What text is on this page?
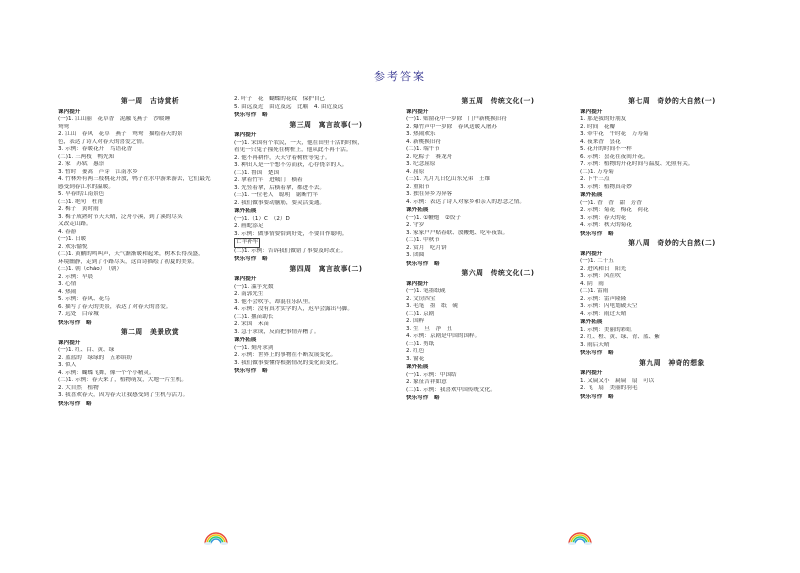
参考答案
第一周　古诗赏析
课内提升
(一)1. 江山丽　花草香　泥融飞燕子　沙暖睡
鸳鸯
2. 江山　春风　花草　燕子　鸳鸯　描绘春天的景
色，表达了诗人对春天的喜爱之情。
3. 示例：春暖花开　鸟语花香
(二)1. 三两枝　鸭先知
2. 家　苏轼　惠崇
3. 暂时　蒌蒿　芦芽　江南水乡
4. 竹林外有两三枝桃花开放，鸭子在水中游来游去，它们最先
感受到春江水的温暖。
5. 早春的江南景色
(三)1. 绝句　杜甫
2. 梅子　黄时雨
3. 梅子成熟时节天天晴，泛舟小溪，到了溪的尽头
又改走山路。
4. 春游
(一)1. 日暖
2. 欢乐愉悦
(二)1. 黄鹂的鸣叫声，天气渐渐暖和起来，树木长得茂盛，
环境幽静，走到了小路尽头，这首诗描绘了初夏的美景。
(三)1. 朝（cháo）　（朝）
2. 示例：早晨
3. 心情
4. 热闹
5. 示例：春风、花鸟
6. 描写了春天的美景，表达了对春天的喜爱。
7. 远处　白帝城
快乐写作　略
第二周　美景欣赏
课内提升
(一)1. 红、白、黄、绿
2. 蓝蓝的　绿绿的　五彩缤纷
3. 似人
4. 示例：蝴蝶飞舞，像一个个小精灵。
(二)1. 示例：春天来了，植物萌发，大地一片生机。
2. 大自然　植物
3. 我喜欢春天，因为春天让我感受到了生机与活力。
快乐写作　略
2. 叶子　花　蝴蝶的花纹　保护自己
5. 由远及近　由近及远　比喻　4. 由近及远
快乐写作　略
第三周　寓言故事(一)
课内提升
(一)1. 宋国有个农民，一天，他在田里干活的时候，
看见一只兔子撞死在树桩上，他从此不再干活。
2. 他不再耕作，天天守着树桩等兔子。
3. 种田人是一个想不劳而获，心存侥幸的人。
(二)1. 鲁国　楚国
2. 拿着竹竿　进城门　横着
3. 先竖着拿，后横着拿，都进不去。
(三)1. 一位老人　聪明　锯断竹竿
2. 我们做事要动脑筋，要灵活变通。
课外拓展
(一)1.（1）C　（2）D
2. 画蛇添足
3. 示例：做事情要恰到好处，不要自作聪明。
亡羊补牢
(二)1. 示例：告诉我们做错了事要及时改正。
快乐写作　略
第四周　寓言故事(二)
课内提升
(一)1. 滥竽充数
2. 南郭先生
3. 他不会吹竽，却混在乐队里。
4. 示例：没有真才实学的人，迟早会露出马脚。
(二)1. 揠苗助长
2. 宋国　禾苗
3. 急于求成，反而把事情弄糟了。
课外拓展
(一)1. 刻舟求剑
2. 示例：世界上的事物在不断发展变化。
3. 我们做事要懂得根据情况的变化而变化。
快乐写作　略
第五周　传统文化(一)
课内提升
(一)1. 贴窗花中一岁除　门户新桃换旧符
2. 爆竹声中一岁除　春风送暖入屠苏
3. 热闹欢乐
4. 新桃换旧符
(二)1. 端午节
2. 吃粽子　赛龙舟
3. 纪念屈原
4. 屈原
(三)1. 九月九日忆山东兄弟　王维
2. 重阳节
3. 独在异乡为异客
4. 示例：表达了诗人对家乡和亲人的思念之情。
课外拓展
(一)1. ①鞭炮　②饺子
2. 守岁
3. 家家户户贴春联、放鞭炮、吃年夜饭。
(二)1. 中秋节
2. 赏月　吃月饼
3. 团圆
快乐写作　略
第六周　传统文化(二)
课内提升
(一)1. 笔墨纸砚
2. 文房四宝
3. 毛笔　墨　纸　砚
(二)1. 京剧
2. 国粹
3. 生　旦　净　丑
4. 示例：京剧是中国的国粹。
(三)1. 剪纸
2. 红色
3. 窗花
课外拓展
(一)1. 示例：中国结
2. 象征吉祥如意
(二)1. 示例：我喜欢中国传统文化。
快乐写作　略
第七周　奇妙的大自然(一)
课内提升
1. 那是我的好朋友
2. 时间　花瓣
3. 牵牛花　午时花　万寿菊
4. 夜来香　昙花
5. 花开的时间不一样
6. 示例：昙花在夜间开花。
7. 示例：植物的开花时间与温度、光照有关。
(二)1. 万寿菊
2. 下午三点
3. 示例：植物真奇妙
课外拓展
(一)1. 香　香　甜　芳香
2. 示例：菊花　梅花　荷花
3. 示例：春天的花
4. 示例：秋天的菊花
快乐写作　略
第八周　奇妙的大自然(二)
课内提升
(一)1. 二十五
2. 进风和日　阳光
3. 示例：风在吹
4. 阴　雨
(二)1. 雷雨
2. 示例：雷声隆隆
3. 示例：闪电划破天空
4. 示例：雨过天晴
课外拓展
1. 示例：美丽的彩虹
2. 红、橙、黄、绿、青、蓝、紫
3. 雨后天晴
快乐写作　略
第九周　神奇的想象
课内提升
1. 又扁又小　扁扁　扇　可以
2. 飞　扇　美丽的羽毛
快乐写作　略
